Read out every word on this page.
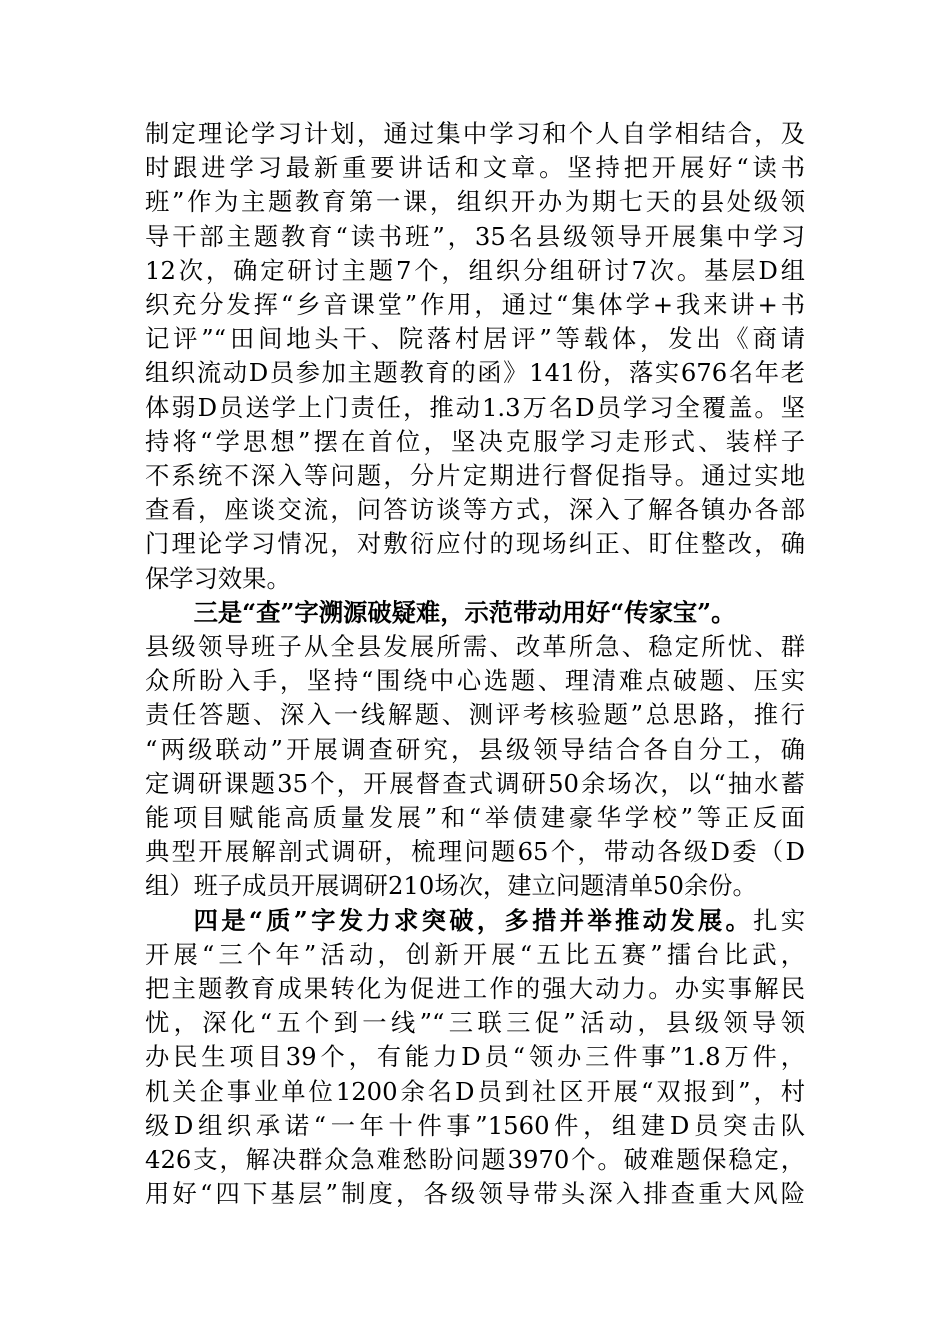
制定理论学习计划，通过集中学习和个人自学相结合，及
时跟进学习最新重要讲话和文章。坚持把开展好“读书
班”作为主题教育第一课，组织开办为期七天的县处级领
导干部主题教育“读书班”，35名县级领导开展集中学习
12次，确定研讨主题7个，组织分组研讨7次。基层D组
织充分发挥“乡音课堂”作用，通过“集体学+我来讲+书
记评”“田间地头干、院落村居评”等载体，发出《商请
组织流动D员参加主题教育的函》141份，落实676名年老
体弱D员送学上门责任，推动1.3万名D员学习全覆盖。坚
持将“学思想”摆在首位，坚决克服学习走形式、装样子
不系统不深入等问题，分片定期进行督促指导。通过实地
查看，座谈交流，问答访谈等方式，深入了解各镇办各部
门理论学习情况，对敷衍应付的现场纠正、盯住整改，确
保学习效果。
三是“查”字溯源破疑难，示范带动用好“传家宝”。
县级领导班子从全县发展所需、改革所急、稳定所忧、群
众所盼入手，坚持“围绕中心选题、理清难点破题、压实
责任答题、深入一线解题、测评考核验题”总思路，推行
“两级联动”开展调查研究，县级领导结合各自分工，确
定调研课题35个，开展督查式调研50余场次，以“抽水蓄
能项目赋能高质量发展”和“举债建豪华学校”等正反面
典型开展解剖式调研，梳理问题65个，带动各级D委（D
组）班子成员开展调研210场次，建立问题清单50余份。
四是“质”字发力求突破，多措并举推动发展。扎实
开展“三个年”活动，创新开展“五比五赛”擂台比武，
把主题教育成果转化为促进工作的强大动力。办实事解民
忧，深化“五个到一线”“三联三促”活动，县级领导领
办民生项目39个，有能力D员“领办三件事”1.8万件，
机关企事业单位1200余名D员到社区开展“双报到”，村
级D组织承诺“一年十件事”1560件，组建D员突击队
426支，解决群众急难愁盼问题3970个。破难题保稳定，
用好“四下基层”制度，各级领导带头深入排查重大风险
